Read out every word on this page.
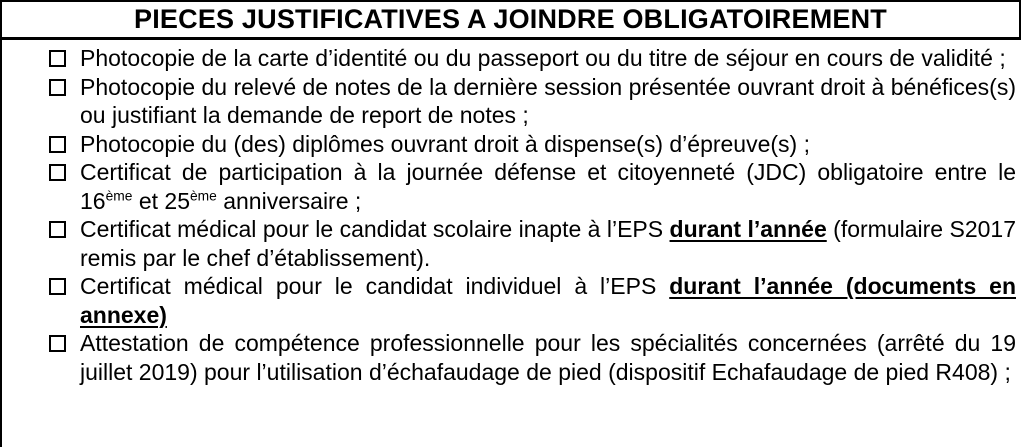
PIECES JUSTIFICATIVES A JOINDRE OBLIGATOIREMENT
Photocopie de la carte d’identité ou du passeport ou du titre de séjour en cours de validité ;
Photocopie du relevé de notes de la dernière session présentée ouvrant droit à bénéfices(s) ou justifiant la demande de report de notes ;
Photocopie du (des) diplômes ouvrant droit à dispense(s) d’épreuve(s) ;
Certificat de participation à la journée défense et citoyenneté (JDC) obligatoire entre le 16ème et 25ème anniversaire ;
Certificat médical pour le candidat scolaire inapte à l’EPS durant l’année (formulaire S2017 remis par le chef d’établissement).
Certificat médical pour le candidat individuel à l’EPS durant l’année (documents en annexe)
Attestation de compétence professionnelle pour les spécialités concernées (arrêté du 19 juillet 2019) pour l’utilisation d’échafaudage de pied (dispositif Echafaudage de pied R408) ;
